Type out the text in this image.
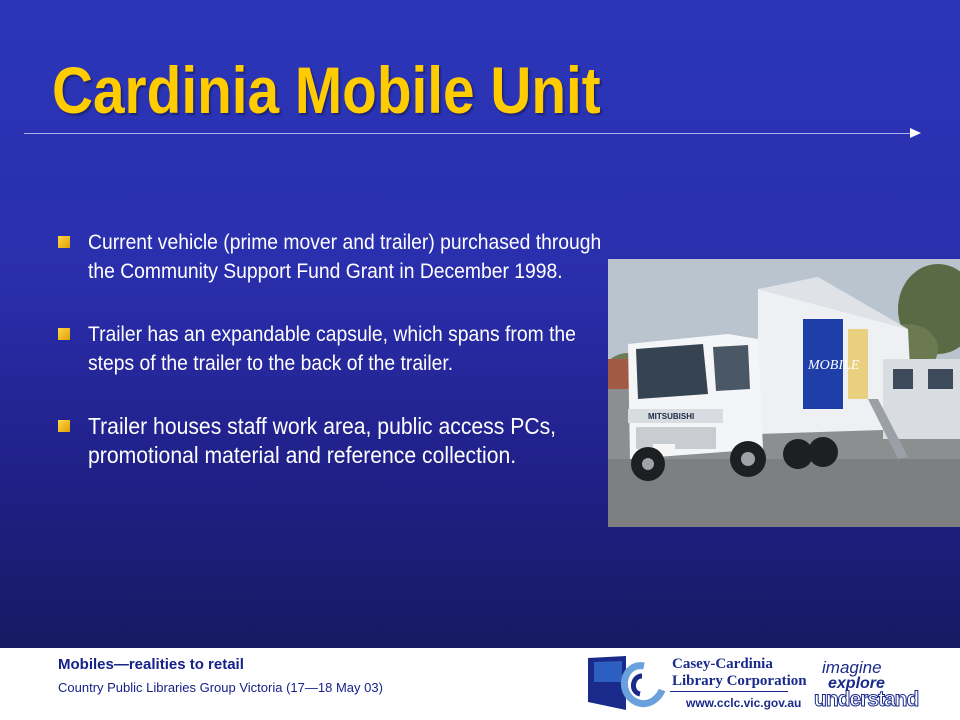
Cardinia Mobile Unit
Current vehicle (prime mover and trailer) purchased through the Community Support Fund Grant in December 1998.
Trailer has an expandable capsule, which spans from the steps of the trailer to the back of the trailer.
Trailer houses staff work area, public access PCs, promotional material and reference collection.
MITSUBISHI
MOBILE
Mobiles—realities to retail
Country Public Libraries Group Victoria (17—18 May 03)
Casey-Cardinia
Library Corporation
www.cclc.vic.gov.au
imagine
explore
understand
